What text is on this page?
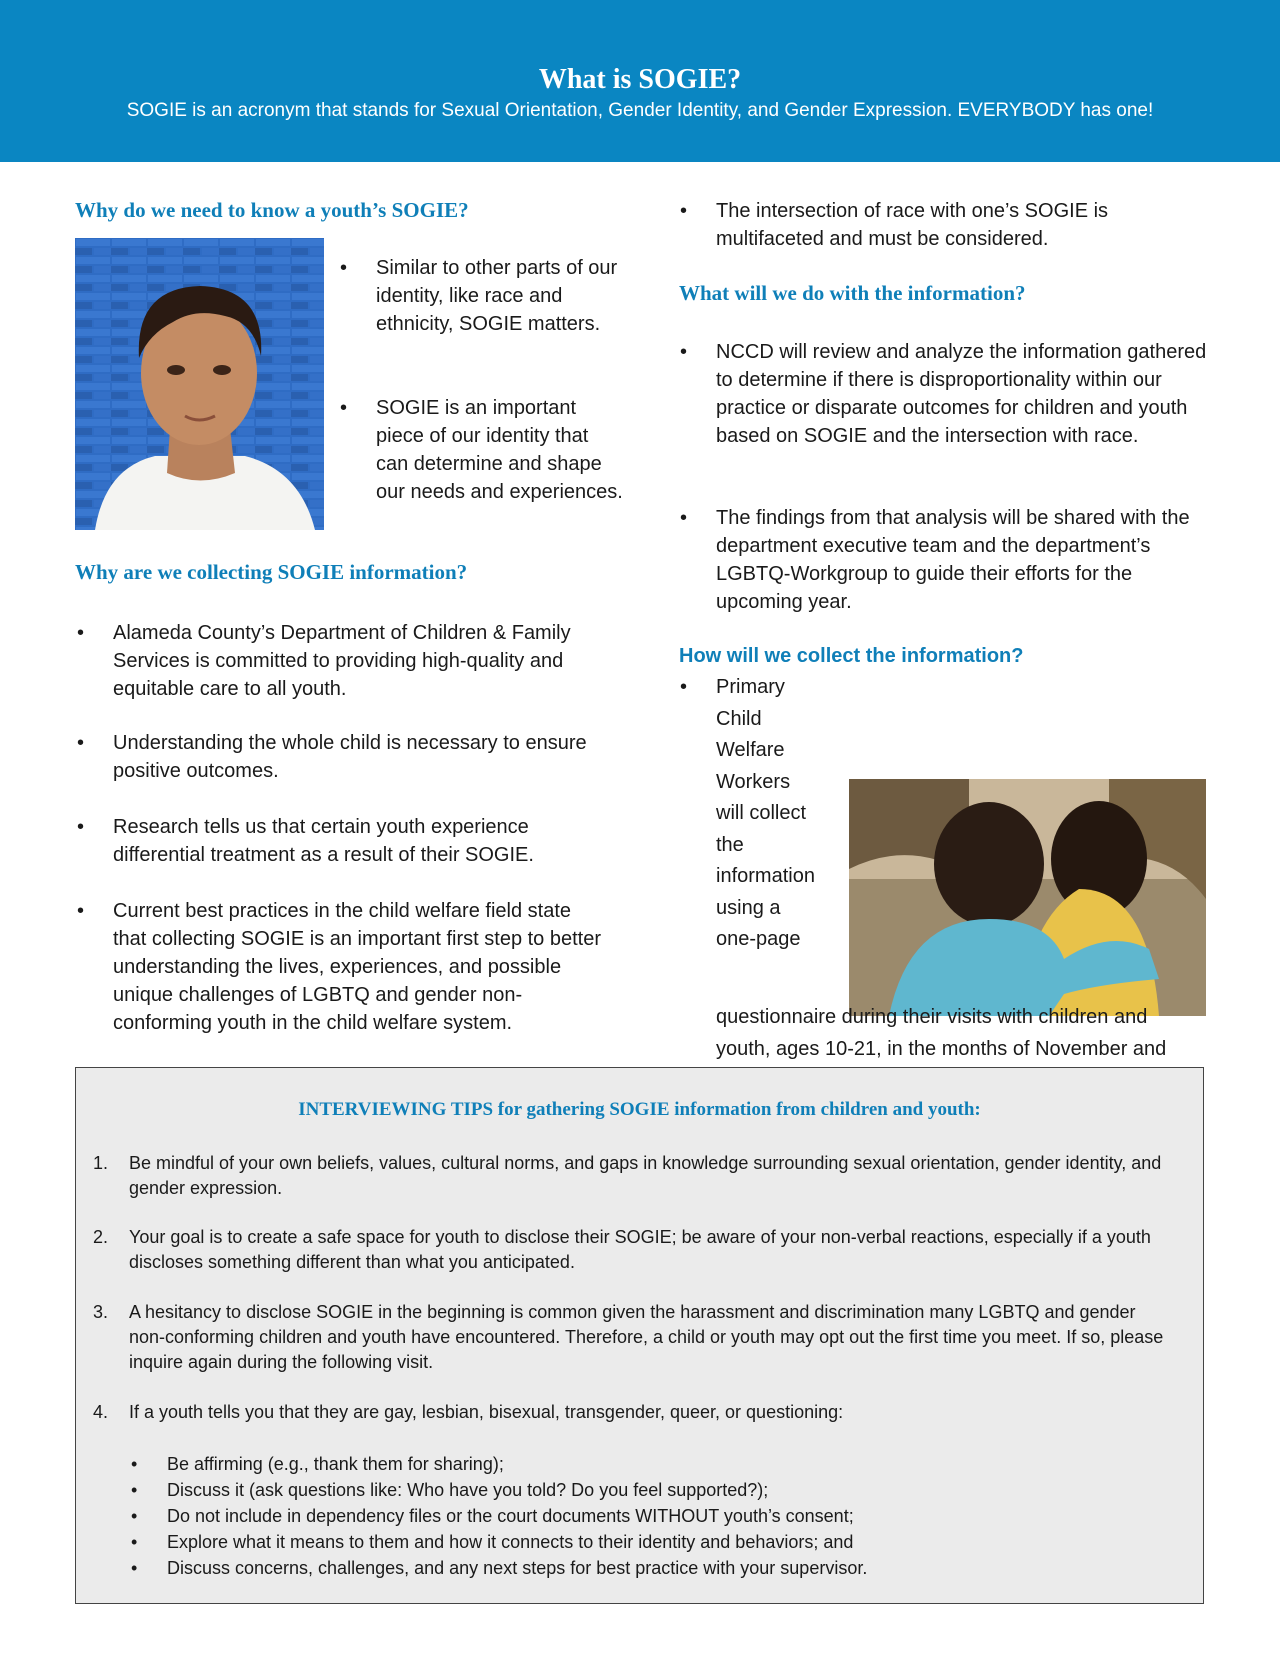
What is SOGIE?

SOGIE is an acronym that stands for Sexual Orientation, Gender Identity, and Gender Expression. EVERYBODY has one!

Why do we need to know a youth’s SOGIE?
• Similar to other parts of our identity, like race and ethnicity, SOGIE matters.
• SOGIE is an important piece of our identity that can determine and shape our needs and experiences.
Why are we collecting SOGIE information?
• Alameda County’s Department of Children & Family Services is committed to providing high-quality and equitable care to all youth.
• Understanding the whole child is necessary to ensure positive outcomes.
• Research tells us that certain youth experience differential treatment as a result of their SOGIE.
• Current best practices in the child welfare field state that collecting SOGIE is an important first step to better understanding the lives, experiences, and possible unique challenges of LGBTQ and gender non-conforming youth in the child welfare system.
• The intersection of race with one’s SOGIE is multifaceted and must be considered.
What will we do with the information?
• NCCD will review and analyze the information gathered to determine if there is disproportionality within our practice or disparate outcomes for children and youth based on SOGIE and the intersection with race.
• The findings from that analysis will be shared with the department executive team and the department’s LGBTQ-Workgroup to guide their efforts for the upcoming year.
How will we collect the information?
• Primary Child Welfare Workers will collect the information using a one-page questionnaire during their visits with children and youth, ages 10-21, in the months of November and
INTERVIEWING TIPS for gathering SOGIE information from children and youth:
1. Be mindful of your own beliefs, values, cultural norms, and gaps in knowledge surrounding sexual orientation, gender identity, and gender expression.
2. Your goal is to create a safe space for youth to disclose their SOGIE; be aware of your non-verbal reactions, especially if a youth discloses something different than what you anticipated.
3. A hesitancy to disclose SOGIE in the beginning is common given the harassment and discrimination many LGBTQ and gender non-conforming children and youth have encountered. Therefore, a child or youth may opt out the first time you meet. If so, please inquire again during the following visit.
4. If a youth tells you that they are gay, lesbian, bisexual, transgender, queer, or questioning:
• Be affirming (e.g., thank them for sharing);
• Discuss it (ask questions like: Who have you told? Do you feel supported?);
• Do not include in dependency files or the court documents WITHOUT youth’s consent;
• Explore what it means to them and how it connects to their identity and behaviors; and
• Discuss concerns, challenges, and any next steps for best practice with your supervisor.
